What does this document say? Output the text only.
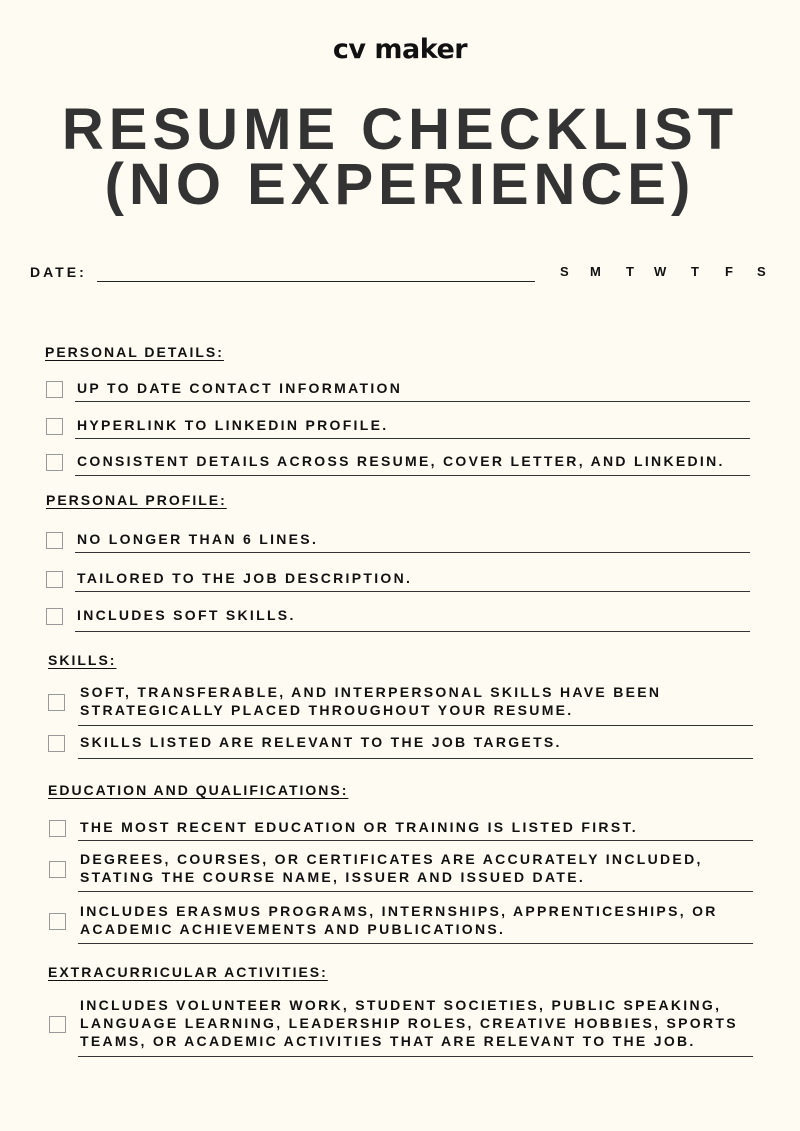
cv maker
RESUME CHECKLIST
(NO EXPERIENCE)
DATE:	S M T W T F S
PERSONAL DETAILS:
UP TO DATE CONTACT INFORMATION
HYPERLINK TO LINKEDIN PROFILE.
CONSISTENT DETAILS ACROSS RESUME, COVER LETTER, AND LINKEDIN.
PERSONAL PROFILE:
NO LONGER THAN 6 LINES.
TAILORED TO THE JOB DESCRIPTION.
INCLUDES SOFT SKILLS.
SKILLS:
SOFT, TRANSFERABLE, AND INTERPERSONAL SKILLS HAVE BEEN
STRATEGICALLY PLACED THROUGHOUT YOUR RESUME.
SKILLS LISTED ARE RELEVANT TO THE JOB TARGETS.
EDUCATION AND QUALIFICATIONS:
THE MOST RECENT EDUCATION OR TRAINING IS LISTED FIRST.
DEGREES, COURSES, OR CERTIFICATES ARE ACCURATELY INCLUDED,
STATING THE COURSE NAME, ISSUER AND ISSUED DATE.
INCLUDES ERASMUS PROGRAMS, INTERNSHIPS, APPRENTICESHIPS, OR
ACADEMIC ACHIEVEMENTS AND PUBLICATIONS.
EXTRACURRICULAR ACTIVITIES:
INCLUDES VOLUNTEER WORK, STUDENT SOCIETIES, PUBLIC SPEAKING,
LANGUAGE LEARNING, LEADERSHIP ROLES, CREATIVE HOBBIES, SPORTS
TEAMS, OR ACADEMIC ACTIVITIES THAT ARE RELEVANT TO THE JOB.
